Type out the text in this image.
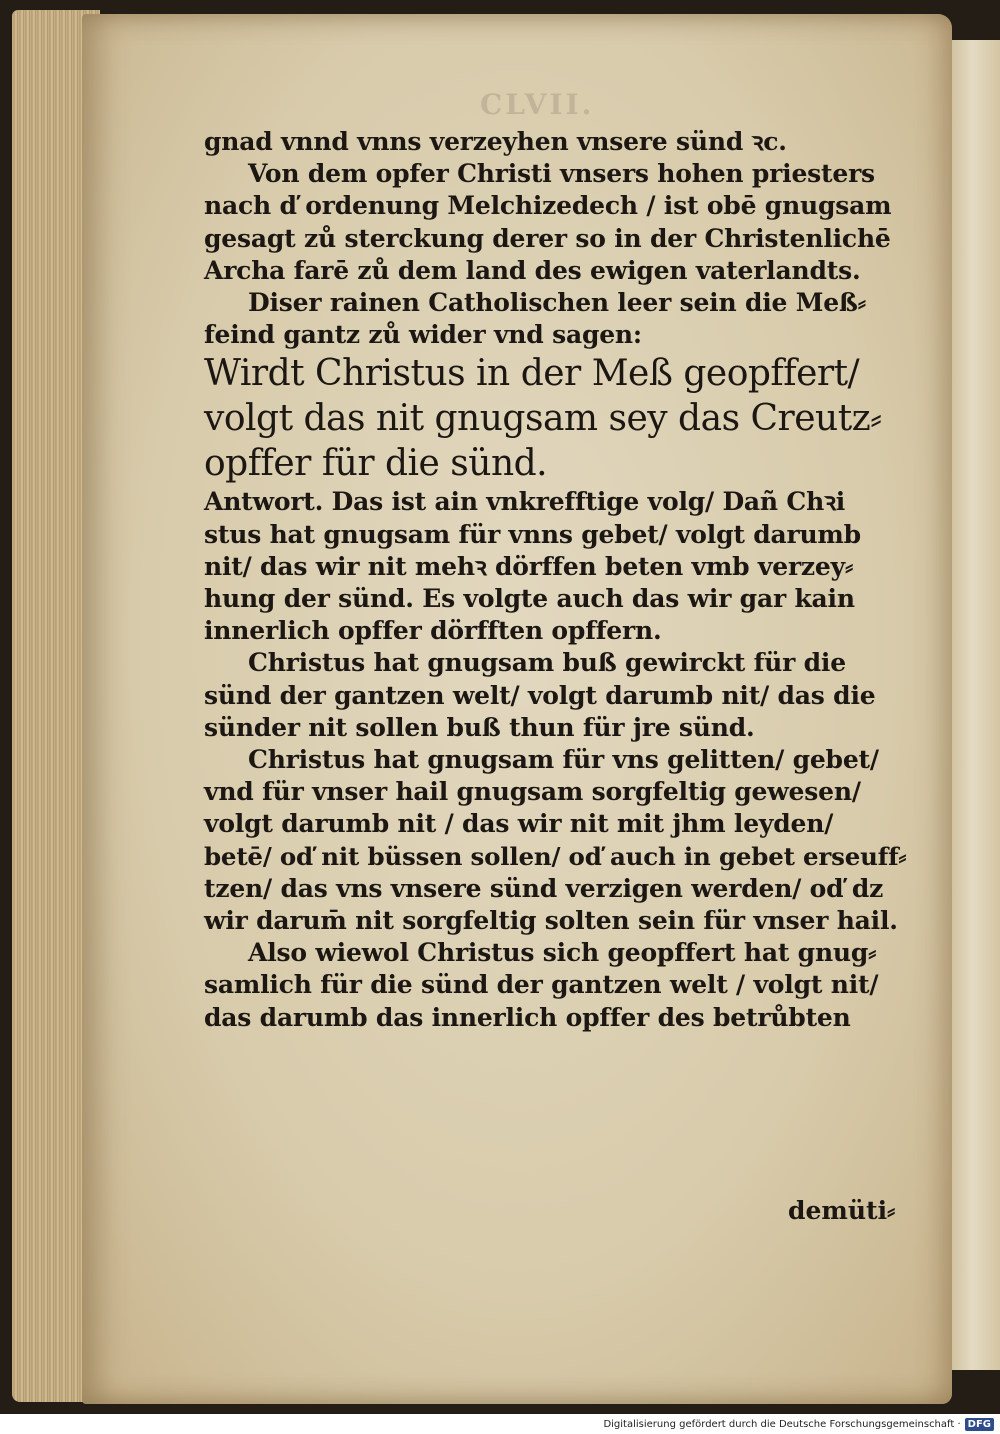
CLVII.
gnad vnnd vnns verzeyhen vnsere sünd ꝛc.
Von dem opfer Christi vnsers hohen priesters
nach ď ordenung Melchizedech / ist obē gnugsam
gesagt zů sterckung derer so in der Christenlichē
Archa farē zů dem land des ewigen vaterlandts.
Diser rainen Catholischen leer sein die Meß⸗
feind gantz zů wider vnd sagen:
Wirdt Christus in der Meß geopffert/
volgt das nit gnugsam sey das Creutz⸗
opffer für die sünd.
Antwort. Das ist ain vnkrefftige volg/ Dañ Chꝛi
stus hat gnugsam für vnns gebet/ volgt darumb
nit/ das wir nit mehꝛ dörffen beten vmb verzey⸗
hung der sünd. Es volgte auch das wir gar kain
innerlich opffer dörfften opffern.
Christus hat gnugsam buß gewirckt für die
sünd der gantzen welt/ volgt darumb nit/ das die
sünder nit sollen buß thun für jre sünd.
Christus hat gnugsam für vns gelitten/ gebet/
vnd für vnser hail gnugsam sorgfeltig gewesen/
volgt darumb nit / das wir nit mit jhm leyden/
betē/ oď nit büssen sollen/ oď auch in gebet erseuff⸗
tzen/ das vns vnsere sünd verzigen werden/ oď dz
wir darum̄ nit sorgfeltig solten sein für vnser hail.
Also wiewol Christus sich geopffert hat gnug⸗
samlich für die sünd der gantzen welt / volgt nit/
das darumb das innerlich opffer des betrůbten
demüti⸗
Digitalisierung gefördert durch die Deutsche Forschungsgemeinschaft · DFG
